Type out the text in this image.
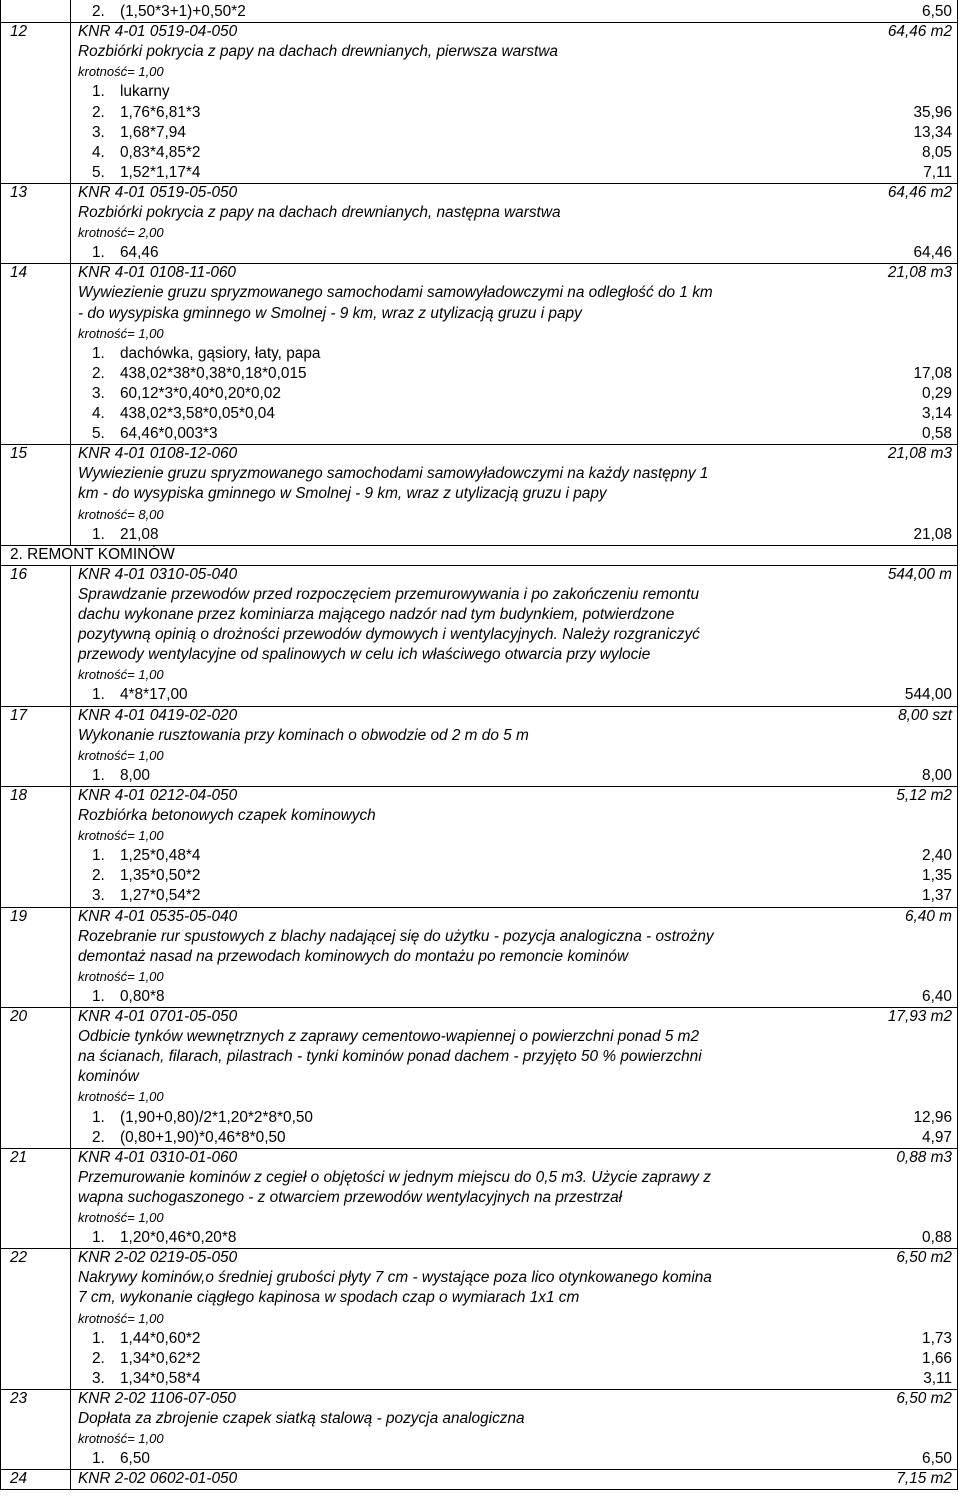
2. (1,50*3+1)+0,50*2	6,50
12	KNR 4-01 0519-04-050	64,46 m2
Rozbiórki pokrycia z papy na dachach drewnianych, pierwsza warstwa
krotność= 1,00
1. lukarny
2. 1,76*6,81*3	35,96
3. 1,68*7,94	13,34
4. 0,83*4,85*2	8,05
5. 1,52*1,17*4	7,11
13	KNR 4-01 0519-05-050	64,46 m2
Rozbiórki pokrycia z papy na dachach drewnianych, następna warstwa
krotność= 2,00
1. 64,46	64,46
14	KNR 4-01 0108-11-060	21,08 m3
Wywiezienie gruzu spryzmowanego samochodami samowyładowczymi na odległość do 1 km
- do wysypiska gminnego w Smolnej - 9 km, wraz z utylizacją gruzu i papy
krotność= 1,00
1. dachówka, gąsiory, łaty, papa
2. 438,02*38*0,38*0,18*0,015	17,08
3. 60,12*3*0,40*0,20*0,02	0,29
4. 438,02*3,58*0,05*0,04	3,14
5. 64,46*0,003*3	0,58
15	KNR 4-01 0108-12-060	21,08 m3
Wywiezienie gruzu spryzmowanego samochodami samowyładowczymi na każdy następny 1
km - do wysypiska gminnego w Smolnej - 9 km, wraz z utylizacją gruzu i papy
krotność= 8,00
1. 21,08	21,08
2. REMONT KOMINÓW
16	KNR 4-01 0310-05-040	544,00 m
Sprawdzanie przewodów przed rozpoczęciem przemurowywania i po zakończeniu remontu
dachu wykonane przez kominiarza mającego nadzór nad tym budynkiem, potwierdzone
pozytywną opinią o drożności przewodów dymowych i wentylacyjnych. Należy rozgraniczyć
przewody wentylacyjne od spalinowych w celu ich właściwego otwarcia przy wylocie
krotność= 1,00
1. 4*8*17,00	544,00
17	KNR 4-01 0419-02-020	8,00 szt
Wykonanie rusztowania przy kominach o obwodzie od 2 m do 5 m
krotność= 1,00
1. 8,00	8,00
18	KNR 4-01 0212-04-050	5,12 m2
Rozbiórka betonowych czapek kominowych
krotność= 1,00
1. 1,25*0,48*4	2,40
2. 1,35*0,50*2	1,35
3. 1,27*0,54*2	1,37
19	KNR 4-01 0535-05-040	6,40 m
Rozebranie rur spustowych z blachy nadającej się do użytku - pozycja analogiczna - ostrożny
demontaż nasad na przewodach kominowych do montażu po remoncie kominów
krotność= 1,00
1. 0,80*8	6,40
20	KNR 4-01 0701-05-050	17,93 m2
Odbicie tynków wewnętrznych z zaprawy cementowo-wapiennej o powierzchni ponad 5 m2
na ścianach, filarach, pilastrach - tynki kominów ponad dachem - przyjęto 50 % powierzchni
kominów
krotność= 1,00
1. (1,90+0,80)/2*1,20*2*8*0,50	12,96
2. (0,80+1,90)*0,46*8*0,50	4,97
21	KNR 4-01 0310-01-060	0,88 m3
Przemurowanie kominów z cegieł o objętości w jednym miejscu do 0,5 m3. Użycie zaprawy z
wapna suchogaszonego - z otwarciem przewodów wentylacyjnych na przestrzał
krotność= 1,00
1. 1,20*0,46*0,20*8	0,88
22	KNR 2-02 0219-05-050	6,50 m2
Nakrywy kominów,o średniej grubości płyty 7 cm - wystające poza lico otynkowanego komina
7 cm, wykonanie ciągłego kapinosa w spodach czap o wymiarach 1x1 cm
krotność= 1,00
1. 1,44*0,60*2	1,73
2. 1,34*0,62*2	1,66
3. 1,34*0,58*4	3,11
23	KNR 2-02 1106-07-050	6,50 m2
Dopłata za zbrojenie czapek siatką stalową - pozycja analogiczna
krotność= 1,00
1. 6,50	6,50
24	KNR 2-02 0602-01-050	7,15 m2
